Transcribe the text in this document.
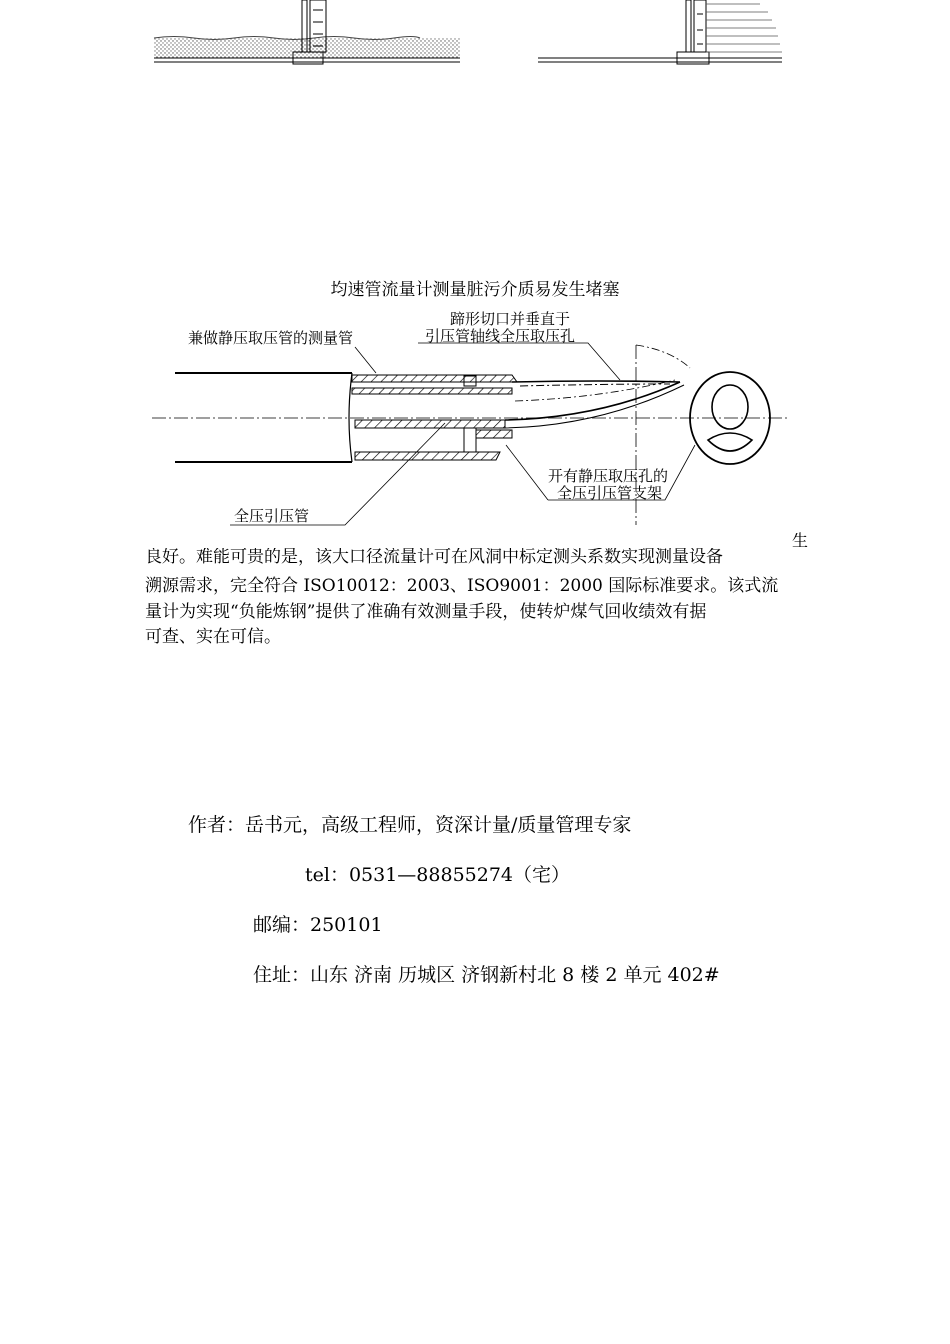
均速管流量计测量脏污介质易发生堵塞
兼做静压取压管的测量管
蹄形切口并垂直于
引压管轴线全压取压孔
开有静压取压孔的
全压引压管支架
全压引压管
生
良好。难能可贵的是，该大口径流量计可在风洞中标定测头系数实现测量设备
溯源需求，完全符合 ISO10012：2003、ISO9001：2000 国际标准要求。该式流
量计为实现“负能炼钢”提供了准确有效测量手段，使转炉煤气回收绩效有据
可查、实在可信。
作者：岳书元，高级工程师，资深计量/质量管理专家
tel：0531—88855274（宅）
邮编：250101
住址：山东 济南 历城区 济钢新村北 8 楼 2 单元 402#
